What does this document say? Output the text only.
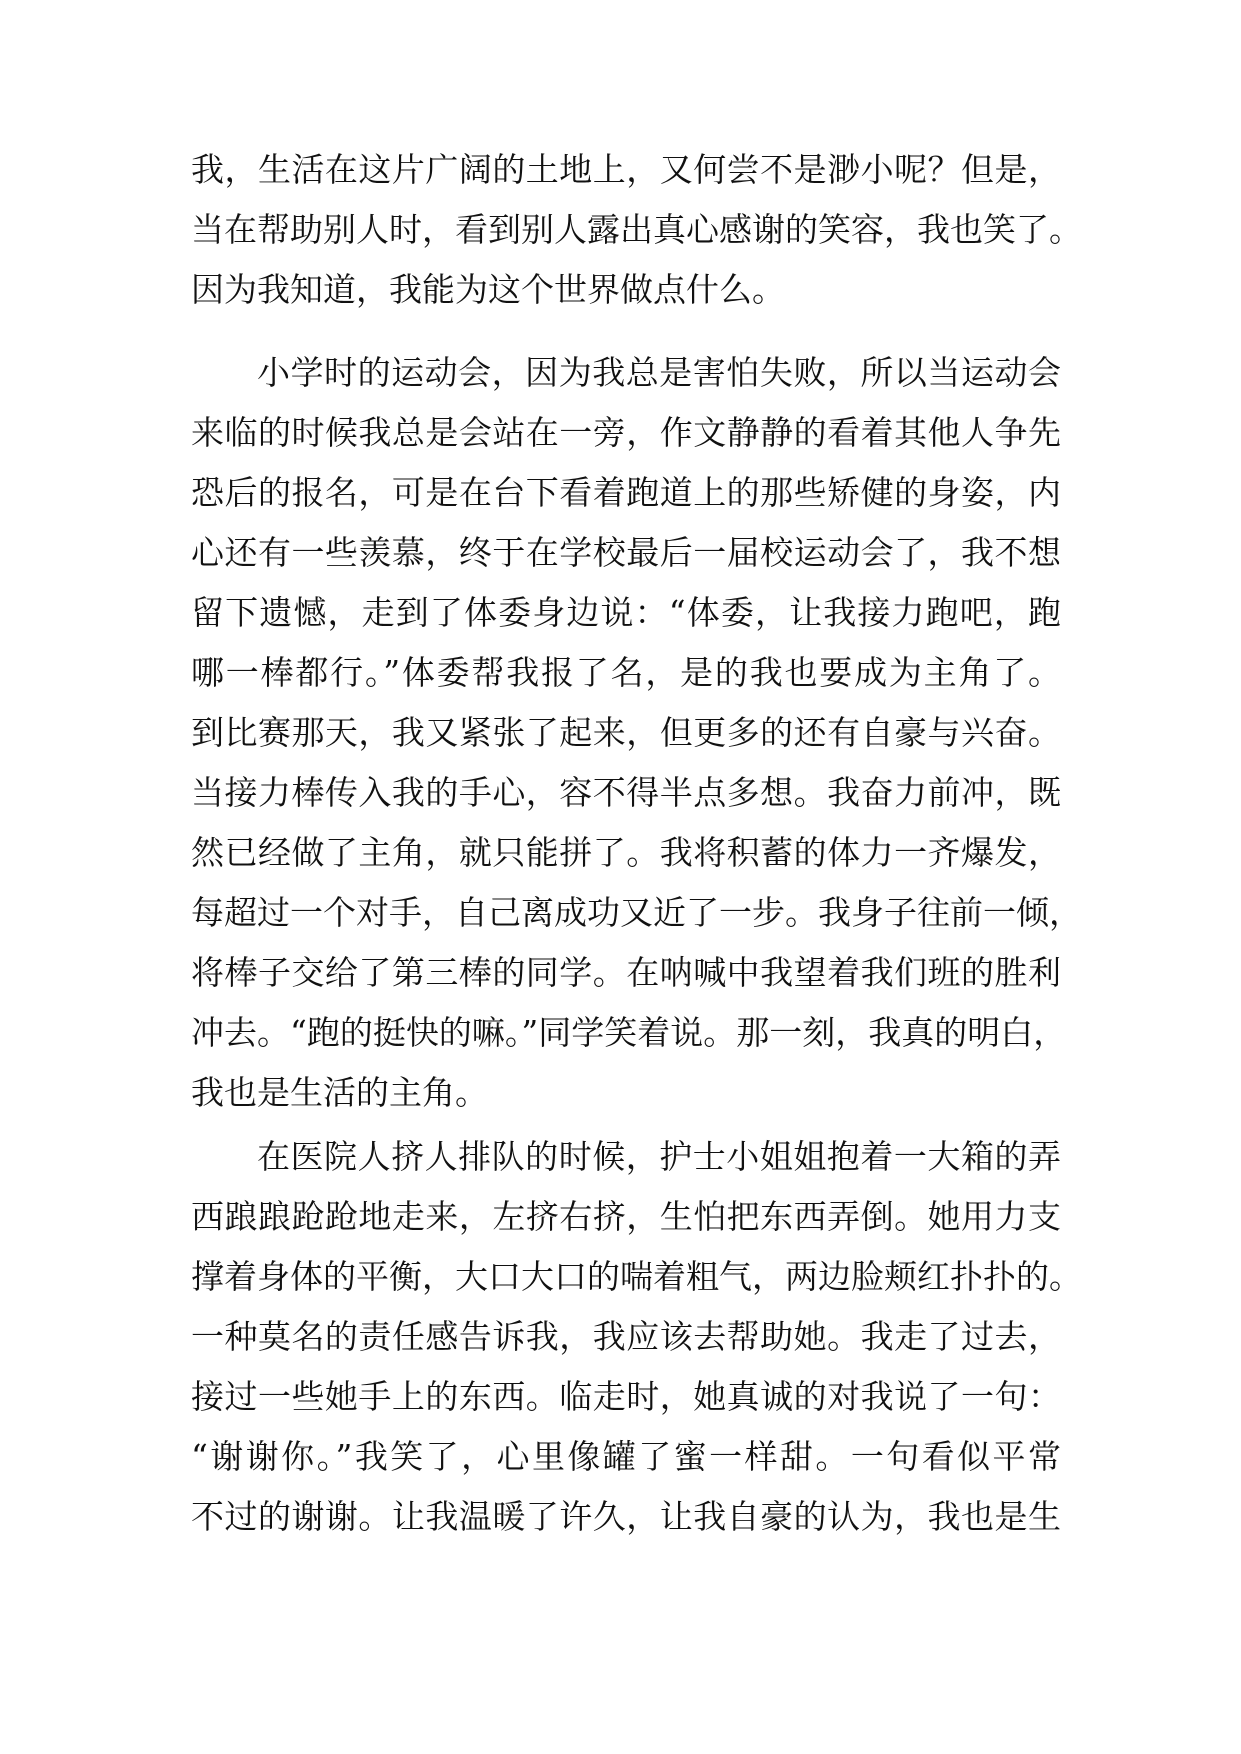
我，生活在这片广阔的土地上，又何尝不是渺小呢？但是，
当在帮助别人时，看到别人露出真心感谢的笑容，我也笑了。
因为我知道，我能为这个世界做点什么。
小学时的运动会，因为我总是害怕失败，所以当运动会
来临的时候我总是会站在一旁，作文静静的看着其他人争先
恐后的报名，可是在台下看着跑道上的那些矫健的身姿，内
心还有一些羡慕，终于在学校最后一届校运动会了，我不想
留下遗憾，走到了体委身边说：“体委，让我接力跑吧，跑
哪一棒都行。”体委帮我报了名，是的我也要成为主角了。
到比赛那天，我又紧张了起来，但更多的还有自豪与兴奋。
当接力棒传入我的手心，容不得半点多想。我奋力前冲，既
然已经做了主角，就只能拼了。我将积蓄的体力一齐爆发，
每超过一个对手，自己离成功又近了一步。我身子往前一倾，
将棒子交给了第三棒的同学。在呐喊中我望着我们班的胜利
冲去。“跑的挺快的嘛。”同学笑着说。那一刻，我真的明白，
我也是生活的主角。
在医院人挤人排队的时候，护士小姐姐抱着一大箱的弄
西踉踉跄跄地走来，左挤右挤，生怕把东西弄倒。她用力支
撑着身体的平衡，大口大口的喘着粗气，两边脸颊红扑扑的。
一种莫名的责任感告诉我，我应该去帮助她。我走了过去，
接过一些她手上的东西。临走时，她真诚的对我说了一句：
“谢谢你。”我笑了，心里像罐了蜜一样甜。一句看似平常
不过的谢谢。让我温暖了许久，让我自豪的认为，我也是生
